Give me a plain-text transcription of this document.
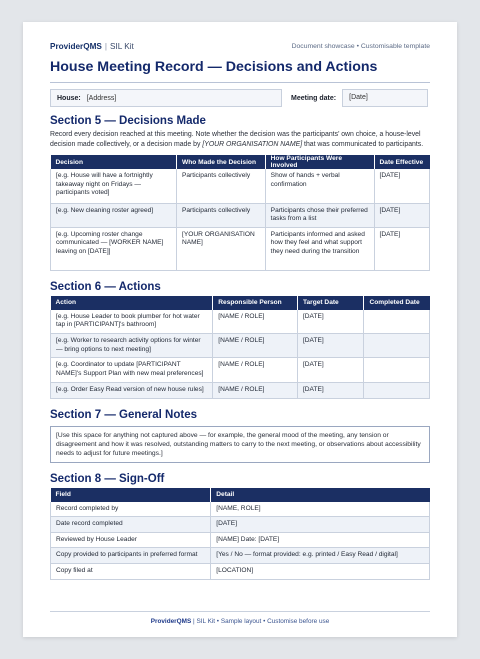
ProviderQMS | SIL Kit	Document showcase • Customisable template
House Meeting Record — Decisions and Actions
House: [Address]	Meeting date:	[Date]
Section 5 — Decisions Made

Record every decision reached at this meeting. Note whether the decision was the participants’ own choice, a house-level decision made collectively, or a decision made by [YOUR ORGANISATION NAME] that was communicated to participants.

Decision	Who Made the Decision	How Participants Were Involved	Date Effective
[e.g. House will have a fortnightly takeaway night on Fridays — participants voted]	Participants collectively	Show of hands + verbal confirmation	[DATE]
[e.g. New cleaning roster agreed]	Participants collectively	Participants chose their preferred tasks from a list	[DATE]
[e.g. Upcoming roster change communicated — [WORKER NAME] leaving on [DATE]]	[YOUR ORGANISATION NAME]	Participants informed and asked how they feel and what support they need during the transition	[DATE]
Section 6 — Actions
Action	Responsible Person	Target Date	Completed Date
[e.g. House Leader to book plumber for hot water tap in [PARTICIPANT]'s bathroom]	[NAME / ROLE]	[DATE]	
[e.g. Worker to research activity options for winter — bring options to next meeting]	[NAME / ROLE]	[DATE]	
[e.g. Coordinator to update [PARTICIPANT NAME]'s Support Plan with new meal preferences]	[NAME / ROLE]	[DATE]	
[e.g. Order Easy Read version of new house rules]	[NAME / ROLE]	[DATE]	
Section 7 — General Notes
[Use this space for anything not captured above — for example, the general mood of the meeting, any tension or disagreement and how it was resolved, outstanding matters to carry to the next meeting, or observations about accessibility needs to adjust for future meetings.]
Section 8 — Sign-Off
Field	Detail
Record completed by	[NAME, ROLE]
Date record completed	[DATE]
Reviewed by House Leader	[NAME] Date: [DATE]
Copy provided to participants in preferred format	[Yes / No — format provided: e.g. printed / Easy Read / digital]
Copy filed at	[LOCATION]
ProviderQMS | SIL Kit • Sample layout • Customise before use
